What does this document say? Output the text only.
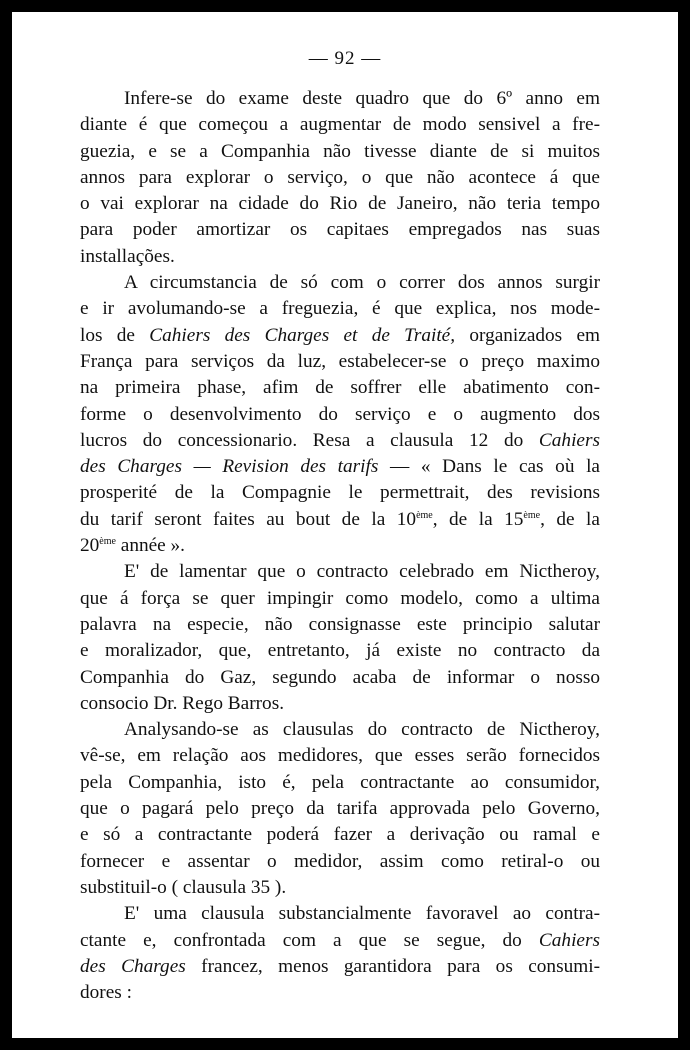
— 92 —
Infere-se do exame deste quadro que do 6º anno em
diante é que começou a augmentar de modo sensivel a fre-
guezia, e se a Companhia não tivesse diante de si muitos
annos para explorar o serviço, o que não acontece á que
o vai explorar na cidade do Rio de Janeiro, não teria tempo
para poder amortizar os capitaes empregados nas suas
installações.
A circumstancia de só com o correr dos annos surgir
e ir avolumando-se a freguezia, é que explica, nos mode-
los de Cahiers des Charges et de Traité, organizados em
França para serviços da luz, estabelecer-se o preço maximo
na primeira phase, afim de soffrer elle abatimento con-
forme o desenvolvimento do serviço e o augmento dos
lucros do concessionario. Resa a clausula 12 do Cahiers
des Charges — Revision des tarifs — « Dans le cas où la
prosperité de la Compagnie le permettrait, des revisions
du tarif seront faites au bout de la 10ème, de la 15ème, de la
20ème année ».
E' de lamentar que o contracto celebrado em Nictheroy,
que á força se quer impingir como modelo, como a ultima
palavra na especie, não consignasse este principio salutar
e moralizador, que, entretanto, já existe no contracto da
Companhia do Gaz, segundo acaba de informar o nosso
consocio Dr. Rego Barros.
Analysando-se as clausulas do contracto de Nictheroy,
vê-se, em relação aos medidores, que esses serão fornecidos
pela Companhia, isto é, pela contractante ao consumidor,
que o pagará pelo preço da tarifa approvada pelo Governo,
e só a contractante poderá fazer a derivação ou ramal e
fornecer e assentar o medidor, assim como retiral-o ou
substituil-o ( clausula 35 ).
E' uma clausula substancialmente favoravel ao contra-
ctante e, confrontada com a que se segue, do Cahiers
des Charges francez, menos garantidora para os consumi-
dores :
